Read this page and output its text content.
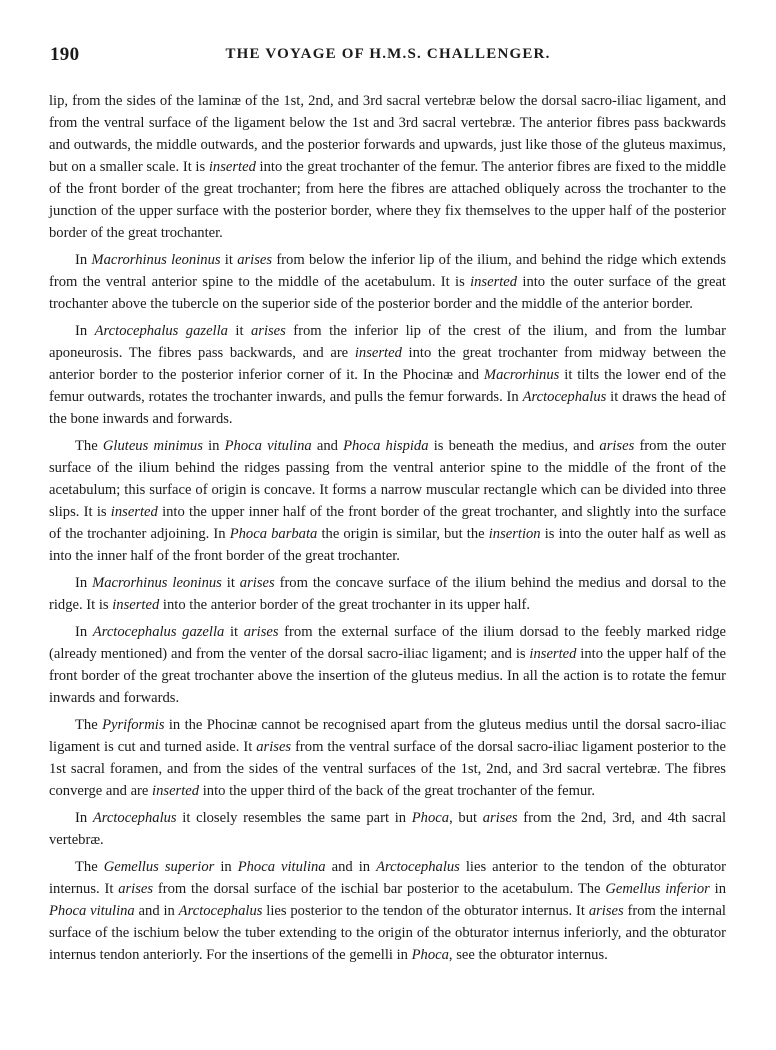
190	THE VOYAGE OF H.M.S. CHALLENGER.

lip, from the sides of the laminæ of the 1st, 2nd, and 3rd sacral vertebræ below the dorsal sacro-iliac ligament, and from the ventral surface of the ligament below the 1st and 3rd sacral vertebræ. The anterior fibres pass backwards and outwards, the middle outwards, and the posterior forwards and upwards, just like those of the gluteus maximus, but on a smaller scale. It is inserted into the great trochanter of the femur. The anterior fibres are fixed to the middle of the front border of the great trochanter; from here the fibres are attached obliquely across the trochanter to the junction of the upper surface with the posterior border, where they fix themselves to the upper half of the posterior border of the great trochanter.

In Macrorhinus leoninus it arises from below the inferior lip of the ilium, and behind the ridge which extends from the ventral anterior spine to the middle of the acetabulum. It is inserted into the outer surface of the great trochanter above the tubercle on the superior side of the posterior border and the middle of the anterior border.

In Arctocephalus gazella it arises from the inferior lip of the crest of the ilium, and from the lumbar aponeurosis. The fibres pass backwards, and are inserted into the great trochanter from midway between the anterior border to the posterior inferior corner of it. In the Phocinæ and Macrorhinus it tilts the lower end of the femur outwards, rotates the trochanter inwards, and pulls the femur forwards. In Arctocephalus it draws the head of the bone inwards and forwards.

The Gluteus minimus in Phoca vitulina and Phoca hispida is beneath the medius, and arises from the outer surface of the ilium behind the ridges passing from the ventral anterior spine to the middle of the front of the acetabulum; this surface of origin is concave. It forms a narrow muscular rectangle which can be divided into three slips. It is inserted into the upper inner half of the front border of the great trochanter, and slightly into the surface of the trochanter adjoining. In Phoca barbata the origin is similar, but the insertion is into the outer half as well as into the inner half of the front border of the great trochanter.

In Macrorhinus leoninus it arises from the concave surface of the ilium behind the medius and dorsal to the ridge. It is inserted into the anterior border of the great trochanter in its upper half.

In Arctocephalus gazella it arises from the external surface of the ilium dorsad to the feebly marked ridge (already mentioned) and from the venter of the dorsal sacro-iliac ligament; and is inserted into the upper half of the front border of the great trochanter above the insertion of the gluteus medius. In all the action is to rotate the femur inwards and forwards.

The Pyriformis in the Phocinæ cannot be recognised apart from the gluteus medius until the dorsal sacro-iliac ligament is cut and turned aside. It arises from the ventral surface of the dorsal sacro-iliac ligament posterior to the 1st sacral foramen, and from the sides of the ventral surfaces of the 1st, 2nd, and 3rd sacral vertebræ. The fibres converge and are inserted into the upper third of the back of the great trochanter of the femur.

In Arctocephalus it closely resembles the same part in Phoca, but arises from the 2nd, 3rd, and 4th sacral vertebræ.

The Gemellus superior in Phoca vitulina and in Arctocephalus lies anterior to the tendon of the obturator internus. It arises from the dorsal surface of the ischial bar posterior to the acetabulum. The Gemellus inferior in Phoca vitulina and in Arctocephalus lies posterior to the tendon of the obturator internus. It arises from the internal surface of the ischium below the tuber extending to the origin of the obturator internus inferiorly, and the obturator internus tendon anteriorly. For the insertions of the gemelli in Phoca, see the obturator internus.
